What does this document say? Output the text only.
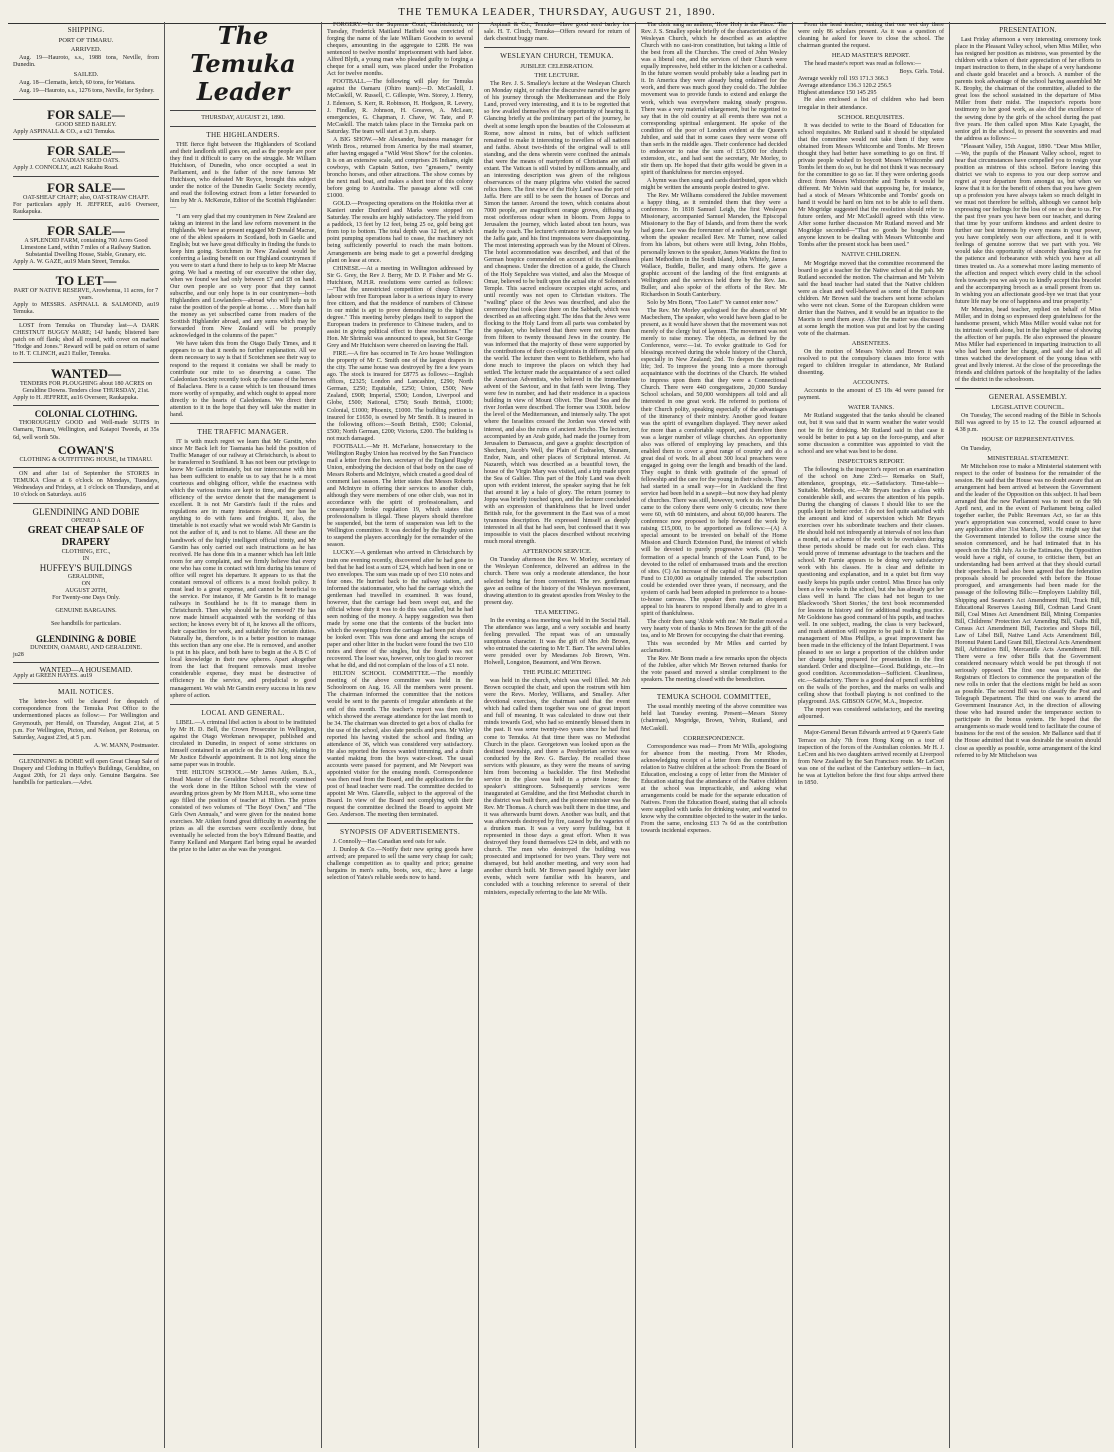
THE TEMUKA LEADER, THURSDAY, AUGUST 21, 1890.
SHIPPING.
PORT OF TIMARU.
ARRIVED.

Aug. 19—Hauroto, s.s., 1988 tons, Neville, from Dunedin.

SAILED.

Aug. 18—Clematis, ketch, 60 tons, for Waitara.

Aug. 19—Hauroto, s.s., 1276 tons, Neville, for Sydney.

FOR SALE—
GOOD SEED BARLEY.
Apply ASPINALL & CO., a u21 Temuka.
FOR SALE—
CANADIAN SEED OATS.
Apply J. CONNOLLY, au21 Kakahu Road.
FOR SALE—
OAT-SHEAF CHAFF; also, OAT-STRAW CHAFF.
For particulars apply H. JEFFREE, au16 Overseer, Raukapuka.
FOR SALE—
A SPLENDID FARM, containing 700 Acres Good Limestone Land, within 7 miles of a Railway Station. Substantial Dwelling House, Stable, Granary, etc.
Apply A. W. GAZE, au19 Main Street, Temuka.
TO LET—
PART OF NATIVE RESERVE, Arowhenua, 11 acres, for 7 years.
Apply to MESSRS. ASPINALL & SALMOND, au19 Temuka.

LOST from Temuka on Thursday last—A DARK CHESTNUT BUGGY MARE; 14J hands; blistered bare patch on off flank; shod all round, with cover on marked "Hodge and Jones." Reward will be paid on return of same to H. T. CLINCH, au21 Euller, Temuka.

WANTED—
TENDERS FOR PLOUGHING about 180 ACRES on Geraldine Downs. Tenders close THURSDAY, 21st.
Apply to H. JEFFREE, au16 Overseer, Raukapuka.
COLONIAL CLOTHING.

THOROUGHLY GOOD and Well-made SUITS in Oamaru, Timaru, Wellington, and Kaiapoi Tweeds, at 35s 6d, well worth 50s.

COWAN'S
CLOTHING & OUTFITTING HOUSE, Ist TIMARU.

ON and after 1st of September the STORES in TEMUKA Close at 6 o'clock on Mondays, Tuesdays, Wednesdays and Fridays, at 1 o'clock on Thursdays, and at 10 o'clock on Saturdays. au16

GLENDINING AND DOBIE
OPENED A
GREAT CHEAP SALE OF DRAPERY
CLOTHING, ETC.,
IN
HUFFEY'S BUILDINGS
GERALDINE,
ON
AUGUST 20TH,
For Twenty-one Days Only.
GENUINE BARGAINS.
See handbills for particulars.
GLENDINING & DOBIE
DUNEDIN, OAMARU, AND GERALDINE.
ju28
WANTED—A HOUSEMAID.
Apply at GREEN HAYES. au19
MAIL NOTICES.

The letter-box will be cleared for despatch of correspondence from the Temuka Post Office to the undermentioned places as follow:— For Wellington and Greymouth, per Herald, on Thursday, August 21st, at 5 p.m. For Wellington, Picton, and Nelson, per Rotorua, on Saturday, August 23rd, at 5 p.m.

A. W. MANN, Postmaster.

GLENDINING & DOBIE will open Great Cheap Sale of Drapery and Clothing in Huffey's Buildings, Geraldine, on August 20th, for 21 days only. Genuine Bargains. See handbills for particulars.—Advt.

The Temuka Leader
THURSDAY, AUGUST 21, 1890.
THE HIGHLANDERS.

THE fierce fight between the Highlanders of Scotland and their landlords still goes on, and as the people are poor they find it difficult to carry on the struggle. Mr William Hutchison, of Dunedin, who once occupied a seat in Parliament, and is the father of the now famous Mr Hutchison, who defeated Mr Reyce, brought this subject under the notice of the Dunedin Gaelic Society recently, and read the following extract from a letter forwarded to him by Mr A. McKenzie, Editor of the Scottish Highlander:—

"I am very glad that my countrymen in New Zealand are taking an interest in the land law reform movement in the Highlands. We have at present engaged Mr Donald Macrae, one of the ablest speakers in Scotland, both in Gaelic and English; but we have great difficulty in finding the funds to keep him going. Scotchmen in New Zealand would be conferring a lasting benefit on our Highland countrymen if you were to start a fund there to help us to keep Mr Macrae going. We had a meeting of our executive the other day, when we found we had only between £7 and £8 on hand. Our own people are so very poor that they cannot subscribe, and our only hope is in our countrymen—both Highlanders and Lowlanders—abroad who will help us to raise the position of the people at home. . . . More than half the money as yet subscribed came from readers of the Scottish Highlander abroad, and any sums which may be forwarded from New Zealand will be promptly acknowledged in the columns of the paper."

We have taken this from the Otago Daily Times, and it appears to us that it needs no further explanation. All we deem necessary to say is that if Scotchmen see their way to respond to the request it contains we shall be ready to contribute our mite to so deserving a cause. The Caledonian Society recently took up the cause of the heroes of Balaclava. Here is a cause which is ten thousand times more worthy of sympathy, and which ought to appeal more directly to the hearts of Caledonians. We direct their attention to it in the hope that they will take the matter in hand.

THE TRAFFIC MANAGER.

IT is with much regret we learn that Mr Garstin, who since Mr Back left for Tasmania has held the position of Traffic Manager of our railway at Christchurch, is about to be transferred to Southland. It has not been our privilege to know Mr Garstin intimately, but our intercourse with him has been sufficient to enable us to say that he is a most courteous and obliging officer, while the exactness with which the various trains are kept to time, and the general efficiency of the service denote that the management is excellent. It is not Mr Garstin's fault if the rules and regulations are in many instances absurd, nor has he anything to do with fares and freights. If, also, the timetable is not exactly what we would wish Mr Garstin is not the author of it, and is not to blame. All these are the handiwork of the highly intelligent official trinity, and Mr Garstin has only carried out such instructions as he has received. He has done this in a manner which has left little room for any complaint, and we firmly believe that every one who has come in contact with him during his tenure of office will regret his departure. It appears to us that the constant removal of officers is a most foolish policy. It must lead to a great expense, and cannot be beneficial to the service. For instance, if Mr Garstin is fit to manage railways in Southland he is fit to manage them in Christchurch. Then why should he be removed? He has now made himself acquainted with the working of this section; he knows every bit of it, he knows all the officers, their capacities for work, and suitability for certain duties. Naturally he, therefore, is in a better position to manage this section than any one else. He is removed, and another is put in his place, and both have to begin at the A B C of local knowledge in their new spheres. Apart altogether from the fact that frequent removals must involve considerable expense, they must be destructive of efficiency in the service, and prejudicial to good management. We wish Mr Garstin every success in his new sphere of action.

LOCAL AND GENERAL.

LIBEL.—A criminal libel action is about to be instituted by Mr H. D. Bell, the Crown Prosecutor in Wellington, against the Otago Workman newspaper, published and circulated in Dunedin, in respect of some strictures on himself contained in an article on the 26th July, relating to Mr Justice Edwards' appointment. It is not long since the same paper was in trouble.

THE HILTON SCHOOL.—Mr James Aitken, B.A., Head Master of the Geraldine School recently examined the work done in the Hilton School with the view of awarding prizes given by Mr Horn M.H.R., who some time ago filled the position of teacher at Hilton. The prizes consisted of two volumes of "The Boys' Own," and "The Girls Own Annuals," and were given for the neatest home exercises. Mr Aitken found great difficulty in awarding the prizes as all the exercises were excellently done, but eventually he selected from the boy's Edmund Beattie, and Fanny Kelland and Margaret Earl being equal he awarded the prize to the latter as she was the youngest.

FORGERY.—In the Supreme Court, Christchurch, on Tuesday, Frederick Maitland Hatfield was convicted of forging the name of the late William Goodwin to several cheques, amounting in the aggregate to £288. He was sentenced to twelve months' imprisonment with hard labor. Alfred Blyth, a young man who pleaded guilty to forging a cheque for a small sum, was placed under the Probation Act for twelve months.

FOOTBALL.—The following will play for Temuka against the Oamaru (Ohiro team):—D. McCaskill, J. McCaskill, W. Russell, C. Gillespie, Wm. Storey, J. Henry, J. Edenson, S. Kerr, R. Robinson, H. Hodgson, R. Levery, J. Findlay, R. Johnson, H. Greaves, A. McLean; emergencies, G. Chapman, J. Chave, W. Tate, and P. McCaskill. The match takes place in the Temuka park on Saturday. The team will start at 3 p.m. sharp.

A BIG SHOW.—Mr Alexander, business manager for Wirth Bros., returned from America by the mail steamer, after having engaged a "Wild West Show" for the colonies. It is on an extensive scale, and comprises 26 Indians, eight cowboys, with Captain Sutton, two "greasers," twenty broncho horses, and other attractions. The show comes by the next mail boat, and makes a short tour of this colony before going to Australia. The passage alone will cost £1000.

GOLD.—Prospecting operations on the Hokitika river at Kanieri under Dunford and Marks were stopped on Saturday. The results are highly satisfactory. The yield from a paddock, 13 feet by 12 feet, being 25 oz, gold being got from top to bottom. The total depth was 12 feet, at which point pumping operations had to cease, the machinery not being sufficiently powerful to reach the main bottom. Arrangements are being made to get a powerful dredging plant on lease at once.

CHINESE.—At a meeting in Wellington addressed by Sir G. Grey, the Rev J. Berry, Mr D. P. Fisher and Mr G. Hutchison, M.H.R. resolutions were carried as follows:—"That the unrestricted competition of cheap Chinese labour with free European labor is a serious injury to every free citizen, and that the residence of numbers of Chinese in our midst is apt to prove demoralising to the highest degree." This meeting hereby pledges itself to support the European traders in preference to Chinese traders, and to assist in giving political effect to these resolutions." The Hon. Mr Shrimski was announced to speak, but Sir George Grey and Mr Hutchison were cheered on leaving the Hall.

FIRE.—A fire has occurred in Te Aro house Wellington the property of Mr C. Smith one of the largest drapers in the city. The same house was destroyed by fire a few years ago. The stock is insured for £8775 as follows:—English offices, £2325; London and Lancashire, £290; North German, £250; Equitable, £250; Union, £500; New Zealand, £908; Imperial, £500; London, Liverpool and Globe, £500; National, £750; South British, £1000; Colonial, £1000; Phoenix, £1000. The building portion is insured for £1650, is owned by Mr Smith. It is insured in the following offices:—South British, £500; Colonial, £500; North German, £200; Victoria, £200. The building is not much damaged.

FOOTBALL.—Mr H. McFarlane, honsecretary to the Wellington Rugby Union has received by the San Francisco mail a letter from the hon. secretary of the England Rugby Union, embodying the decision of that body on the case of Messrs Roberts and McIntyre, which created a good deal of comment last season. The letter states that Messrs Roberts and McIntyre in offering their services to another club, although they were members of one other club, was not in accordance with the spirit of professionalism, and consequently broke regulation 19, which states that professionalism is illegal. These players should therefore be suspended, but the term of suspension was left to the Wellington committee. It was decided by the Rugby union to suspend the players accordingly for the remainder of the season.

LUCKY.—A gentleman who arrived in Christchurch by train one evening recently, discovered after he had gone to bed that he had lost a sum of £24, which had been in one or two envelopes. The sum was made up of two £10 notes and four ones. He hurried back to the railway station, and informed the stationmaster, who had the carriage which the gentleman had travelled in examined. It was found, however, that the carriage had been swept out, and the official whose duty it was to do this was called, but he had seen nothing of the money. A happy suggestion was then made by some one that the contents of the bucket into which the sweepings from the carriage had been put should be looked over. This was done and among the scraps of paper and other litter in the bucket were found the two £10 notes and three of the singles, but the fourth was not recovered. The loser was, however, only too glad to recover what he did, and did not complain of the loss of a £1 note.

HILTON SCHOOL COMMITTEE.—The monthly meeting of the above committee was held in the Schoolroom on Aug. 16. All the members were present. The chairman informed the committee that the notices would be sent to the parents of irregular attendants at the end of this month. The teacher's report was then read, which showed the average attendance for the last month to be 34. The chairman was directed to get a box of chalks for the use of the school, also slate pencils and pens. Mr Wiley reported his having visited the school and finding an attendance of 36, which was considered very satisfactory. He also reported the fences wanted trimming, and a drain wanted making from the boys water-closet. The usual accounts were passed for payment, and Mr Newport was appointed visitor for the ensuing month. Correspondence was then read from the Board, and the applications for the post of head teacher were read. The committee decided to appoint Mr Wm. Glanville, subject to the approval of the Board. In view of the Board not complying with their request the committee declined the Board to appoint Mr Geo. Anderson. The meeting then terminated.

SYNOPSIS OF ADVERTISEMENTS.

J. Connolly—Has Canadian seed oats for sale.

J. Dunlop & Co.—Notify their new spring goods have arrived; are prepared to sell the same very cheap for cash; challenge competition as to quality and price; genuine bargains in men's suits, boots, sox, etc.; have a large selection of Yates's reliable seeds now to hand.

Aspinall & Co., Temuka—Have good seed barley for sale. H. T. Clinch, Temuka—Offers reward for return of dark chestnut buggy mare.

WESLEYAN CHURCH, TEMUKA.
JUBILEE CELEBRATION.
THE LECTURE.

The Rev. J. S. Smalley's lecture at the Wesleyan Church on Monday night, or rather the discursive narrative he gave of his journey through the Mediterranean and the Holy Land, proved very interesting, and it is to be regretted that so few availed themselves of the opportunity of hearing it. Glancing briefly at the preliminary part of the journey, he dwelt at some length upon the beauties of the Colosseum at Rome, now almost in ruins, but of which sufficient remained to make it interesting to travellers of all nations and faiths. About two-thirds of the original wall is still standing, and the dens wherein were confined the animals that were the means of martyrdom of Christians are still extant. The Vatican is still visited by millions annually, and an interesting description was given of the religious observances of the many pilgrims who visited the sacred relics there. The first view of the Holy Land was the port of Jaffa. Here are still to be seen the houses of Dorcas and Simon the tanner. Around the town, which contains about 7000 people, are magnificent orange groves, diffusing a most odoriferous odour when in bloom. From Joppa to Jerusalem the journey, which lasted about ten hours, was made by coach. The lecturer's entrance to Jerusalem was by the Jaffa gate, and his first impressions were disappointing. The most interesting approach was by the Mount of Olives. The hotel accommodation was described, and that of the German hospice commended on account of its cleanliness and cheapness. Under the direction of a guide, the Church of the Holy Sepulchre was visited, and also the Mosque of Omar, believed to be built upon the actual site of Solomon's Temple. This sacred enclosure occupies eight acres, and until recently was not open to Christian visitors. The "wailing" place of the Jews was described, and also the ceremony that took place there on the Sabbath, which was described as an affecting sight. The idea that the Jews were flocking to the Holy Land from all parts was combated by the speaker, who believed that there were not more than from fifteen to twenty thousand Jews in the country. He was informed that the majority of these were supported by the contributions of their co-religionists in different parts of the world. The lecturer then went to Bethlehem, who had done much to improve the places on which they had settled. The lecturer made the acquaintance of a sect called the American Adventists, who believed in the immediate advent of the Saviour, and in that faith were living. They were few in number, and had their residence in a spacious building in view of Mount Olivet. The Dead Sea and the river Jordan were described. The former was 1300ft. below the level of the Mediterranean, and intensely salty. The spot where the Israelites crossed the Jordan was viewed with interest, and also the ruins of ancient Jericho. The lecturer, accompanied by an Arab guide, had made the journey from Jerusalem to Damascus, and gave a graphic description of Shechem, Jacob's Well, the Plain of Esdraelon, Shunam, Endor, Nain, and other places of Scriptural interest. At Nazareth, which was described as a beautiful town, the house of the Virgin Mary was visited, and a trip made upon the Sea of Galilee. This part of the Holy Land was dwelt upon with evident interest, the speaker saying that he felt that around it lay a halo of glory. The return journey to Joppa was briefly touched upon, and the lecturer concluded with an expression of thankfulness that he lived under British rule, for the government in the East was of a most tyrannous description. He expressed himself as deeply interested in all that he had seen, but confessed that it was impossible to visit the places described without receiving much moral strength.

AFTERNOON SERVICE.

On Tuesday afternoon the Rev. W. Morley, secretary of the Wesleyan Conference, delivered an address in the church. There was only a moderate attendance, the hour selected being far from convenient. The rev. gentleman gave an outline of the history of the Wesleyan movement, drawing attention to its greatest apostles from Wesley to the present day.

TEA MEETING.

In the evening a tea meeting was held in the Social Hall. The attendance was large, and a very sociable and hearty feeling prevailed. The repast was of an unusually sumptuous character. It was the gift of Mrs Job Brown, who entrusted the catering to Mr T. Barr. The several tables were presided over by Mesdames Job Brown, Wm. Holwell, Longston, Beaumont, and Wm Brown.

THE PUBLIC MEETING

was held in the church, which was well filled. Mr Job Brown occupied the chair, and upon the rostrum with him were the Revs. Morley, Williams, and Smalley. After devotional exercises, the chairman said that the event which had called them together was one of great import and full of meaning. It was calculated to draw out their minds towards God, who had so eminently blessed them in the past. It was some twenty-two years since he had first come to Temuka. At that time there was no Methodist Church in the place. Georgetown was looked upon as the destined township, and there a Presbyterian service was conducted by the Rev. G. Barclay. He recalled those services with pleasure, as they were the means of saving him from becoming a backslider. The first Methodist service in the place was held in a private house; the speaker's sittingroom. Subsequently services were inaugurated at Geraldine, and the first Methodist church in the district was built there, and the pioneer minister was the Rev. Mr Thomas. A church was built there in due time, and it was afterwards burnt down. Another was built, and that was afterwards destroyed by fire, caused by the vagaries of a drunken man. It was a very sorry building, but it represented in those days a great effort. When it was destroyed they found themselves £24 in debt, and with no church. The men who destroyed the building was prosecuted and imprisoned for two years. They were not dismayed, but held another meeting, and very soon had another church built. Mr Brown passed lightly over later events, which were familiar with his hearers, and concluded with a touching reference to several of their ministers, especially referring to the late Mr Wills.

The choir sang an anthem, 'How Holy is the Place.' The Rev. J. S. Smalley spoke briefly of the characteristics of the Wesleyan Church, which he described as an adaptive Church with no cast-iron constitution, but taking a little of the best from all the Churches. The creed of John Wesley was a liberal one, and the services of their Church were equally impressive, held either in the kitchen or a cathedral. In the future women would probably take a leading part in it. In America they were already being ordained for the work, and there was much good they could do. The Jubilee movement was to provide funds to extend and enlarge the work, which was everywhere making steady progress. There was a very material enlargement, but he regretted to say that in the old country at all events there was not a corresponding spiritual enlargement. He spoke of the condition of the poor of London evident at the Queen's Jubilee, and said that in some cases they were worse off than serfs in the middle ages. Their conference had decided to endeavour to raise the sum of £15,000 for church extension, etc., and had sent the secretary, Mr Morley, to stir them up. He hoped that their gifts would be given in a spirit of thankfulness for mercies enjoyed.

A hymn was then sung and cards distributed, upon which might be written the amounts people desired to give.

The Rev. Mr Williams considered the Jubilee movement a happy thing, as it reminded them that they were a conference. In 1818 Samuel Leigh, the first Wesleyan Missionary, accompanied Samuel Marsden, the Episcopal Missionary to the Bay of Islands, and from there the work had gone. Lee was the forerunner of a noble band, amongst whom the speaker recalled Rev. Mr Turner, now called from his labors, but others were still living, John Hobbs, personally known to the speaker, James Watkins the first to plant Methodism in the South Island, John Whitely, James Wallace, Buddle, Buller, and many others. He gave a graphic account of the landing of the first emigrants at Wellington and the services held there by the Rev. Jas. Buller, and also spoke of the efforts of the Rev. Mr Richardson in South Canterbury.

Solo by Mrs Bonn, "Too Late!" Ye cannot enter now."

The Rev. Mr Morley apologised for the absence of Mr Macbechem, The speaker, who would have been glad to be present, as it would have shown that the movement was not merely of the clergy but of laymen. The movement was not merely to raise money. The objects, as defined by the Conference, were:—1st. To evoke gratitude to God for blessings received during the whole history of the Church, especially in New Zealand; 2nd. To deepen the spiritual life; 3rd. To improve the young into a more thorough acquaintance with the doctrines of the Church. He wished to impress upon them that they were a Connectional Church. There were 440 congregations, 20,000 Sunday School scholars, and 50,000 worshippers all told and all interested in one great work. He referred to portions of their Church polity, speaking especially of the advantages of the itinerancy of their ministry. Another good feature was the spirit of evangelism displayed. They never asked for more than a comfortable support, and therefore there was a larger number of village churches. An opportunity also was offered of employing lay preachers, and this enabled them to cover a great range of country and do a great deal of work. In all about 300 local preachers were engaged in going over the length and breadth of the land. They ought to think with gratitude of the spread of fellowship and the care for the young in their schools. They had started in a small way—for in Auckland the first service had been held in a sawpit—but now they had plenty of churches. There was still, however, work to do. When he came to the colony there were only 6 circuits; now there were 60, with 60 ministers, and about 60,000 hearers. The conference now proposed to help forward the work by raising £15,000, to be apportioned as follows:—(A) A special amount to be invested on behalf of the Home Mission and Church Extension Fund, the interest of which will be devoted to purely progressive work. (B.) The formation of a special branch of the Loan Fund, to be devoted to the relief of embarrassed trusts and the erection of sites. (C) An increase of the capital of the present Loan Fund to £10,000 as originally intended. The subscription could be extended over three years, if necessary, and the system of cards had been adopted in preference to a house-to-house canvass. The speaker then made an eloquent appeal to his hearers to respond liberally and to give in a spirit of thankfulness.

The choir then sang 'Abide with me.' Mr Butler moved a very hearty vote of thanks to Mrs Brown for the gift of the tea, and to Mr Brown for occupying the chair that evening.

This was seconded by Mr Miles and carried by acclamation.

The Rev. Mr Bonn made a few remarks upon the objects of the Jubilee, after which Mr Brown returned thanks for the vote passed and moved a similar compliment to the speakers. The meeting closed with the benediction.

TEMUKA SCHOOL COMMITTEE,

The usual monthly meeting of the above committee was held last Tuesday evening. Present—Messrs Storey (chairman), Mogridge, Brown, Yelvin, Rutland, and McCaskill.

CORRESPONDENCE.

Correspondence was read— From Mr Wills, apologising for absence from the meeting. From Mr Rhodes, acknowledging receipt of a letter from the committee in relation to Native children at the school: From the Board of Education, enclosing a copy of letter from the Minister of Education stating that the attendance of the Native children at the school was impracticable, and asking what arrangements could be made for the separate education of Natives. From the Education Board, stating that all schools were supplied with tanks for drinking water, and wanted to know why the committee objected to the water in the tanks. From the same, enclosing £13 7s 6d as the contribution towards incidental expenses.

From the head teacher, stating that one wet day there were only 86 scholars present. As it was a question of cleaning he asked for leave to close the school. The chairman granted the request.

HEAD MASTER'S REPORT.

The head master's report was read as follows:—

Boys. Girls. Total.
Average weekly roll 193 171.3 366.3
Average attendance 136.3 120.2 256.5
Highest attendance 150 145 295

He also enclosed a list of children who had been irregular in their attendance.

SCHOOL REQUISITES.

It was decided to write to the Board of Education for school requisites. Mr Rutland said it should be stipulated that the committee would not take them if they were obtained from Messrs Whitcombe and Tombs. Mr Brown thought they had better have something to go on first. If private people wished to boycott Messrs Whitcombe and Tombs let them do so, but he did not think it was necessary for the committee to go so far. If they were ordering goods direct from Messrs Whitcombe and Tombs it would be different. Mr Yelvin said that supposing he, for instance, had a stock of Messrs Whitcombe and Tombs' goods on hand it would be hard on him not to be able to sell them. Mr Mogridge suggested that the resolution should refer to future orders, and Mr McCaskill agreed with this view. After some further discussion Mr Rutland moved and Mr Mogridge seconded—"That no goods be bought from anyone known to be dealing with Messrs Whitcombe and Tombs after the present stock has been used."

NATIVE CHILDREN.

Mr Mogridge moved that the committee recommend the board to get a teacher for the Native school at the pah. Mr Rutland seconded the motion. The chairman and Mr Yelvin said the head teacher had stated that the Native children were as clean and well-behaved as some of the European children. Mr Brown said the teachers sent home scholars who were not clean. Some of the European children were dirtier than the Natives, and it would be an injustice to the Maoris to send them away. After the matter was discussed at some length the motion was put and lost by the casting vote of the chairman.

ABSENTEES.

On the motion of Messrs Yelvin and Brown it was resolved to put the compulsory clauses into force with regard to children irregular in attendance, Mr Rutland dissenting.

ACCOUNTS.

Accounts to the amount of £5 18s 4d were passed for payment.

WATER TANKS.

Mr Rutland suggested that the tanks should be cleaned out, but it was said that in warm weather the water would not be fit for drinking. Mr Rutland said in that case it would be better to put a tap on the force-pump, and after some discussion a committee was appointed to visit the school and see what was best to be done.

INSPECTOR'S REPORT.

The following is the inspector's report on an examination of the school on June 23rd:— Remarks on Staff, attendance, groupings, etc.—Satisfactory. Time-table—Suitable. Methods, etc.—Mr Bryars teaches a class with considerable skill, and secures the attention of his pupils. During the changing of classes I should like to see the pupils kept in better order. I do not feel quite satisfied with the amount and kind of supervision which Mr Bryars exercises over his subordinate teachers and their classes. He should hold not infrequently at intervals of not less than a month, eat a scheme of the work to be overtaken during these periods should be made out for each class. This would prove of immense advantage to the teachers and the school. Mr Farnie appears to be doing very satisfactory work with his classes. He is clear and definite in questioning and explanation, and in a quiet but firm way easily keeps his pupils under control. Miss Bruce has only been a few weeks in the school, but she has already got her class well in hand. The class had not begun to use Blackwood's 'Short Stories,' the text book recommended for lessons in history and for additional reading practice. Mr Goldstone has good command of his pupils, and teaches well. In one subject, reading, the class is very backward, and much attention will require to be paid to it. Under the management of Miss Phillips, a great improvement has been made in the efficiency of the Infant Department. I was pleased to see so large a proportion of the children under her charge being prepared for presentation in the first standard. Order and discipline—Good. Buildings, etc.—In good condition. Accommodation—Sufficient. Cleanliness, etc.—Satisfactory. There is a good deal of pencil scribbling on the walls of the porches, and the marks on walls and ceiling show that football playing is not confined to the playground. JAS. GIBSON GOW, M.A., Inspector.

The report was considered satisfactory, and the meeting adjourned.

Major-General Bevan Edwards arrived at 9 Queen's Gate Terrace on July 7th from Hong Kong on a tour of inspection of the forces of the Australian colonies. Mr H. J. LeCren and his two daughters arrived recently at Liverpool from New Zealand by the San Francisco route. Mr LeCren was one of the earliest of the Canterbury settlers—in fact, he was at Lyttelton before the first four ships arrived there in 1850.

PRESENTATION.

Last Friday afternoon a very interesting ceremony took place in the Pleasant Valley school, when Miss Miller, who has resigned her position as mistress, was presented by the children with a token of their appreciation of her efforts to impart instruction to them, in the shape of a very handsome and chaste gold bracelet and a brooch. A number of the parents took advantage of the school having assembled Mr K. Brophy, the chairman of the committee, alluded to the great loss the school sustained in the departure of Miss Miller from their midst. The inspector's reports bore testimony to her good work, as also did the excellence of the sewing done by the girls of the school during the past five years. He then called upon Miss Kate Lysaght, the senior girl in the school, to present the souvenirs and read the address as follows:—

"Pleasant Valley, 15th August, 1890. "Dear Miss Miller,—We, the pupils of the Pleasant Valley school, regret to hear that circumstances have compelled you to resign your position as mistress of this school. Before leaving this district we wish to express to you our deep sorrow and regret at your departure from amongst us, but when we know that it is for the benefit of others that you have given up a profession you have always taken so much delight in we must not therefore be selfish, although we cannot help expressing our feelings for the loss of one so dear to us. For the past five years you have been our teacher, and during that time by your uniform kindness and ardent desire to further our best interests by every means in your power, you have completely won our affections, and it is with feelings of genuine sorrow that we part with you. We would take this opportunity of sincerely thanking you for the patience and forbearance with which you have at all times treated us. As a somewhat more lasting memento of the affection and respect which every child in the school feels towards you we ask you to kindly accept this bracelet and the accompanying brooch as a small present from us. In wishing you an affectionate good-bye we trust that your future life may be one of happiness and true prosperity."

Mr Menzies, head teacher, replied on behalf of Miss Miller, and in doing so expressed deep gratefulness for the handsome present, which Miss Miller would value not for its intrinsic worth alone, but in the higher sense of showing the affection of her pupils. He also expressed the pleasure Miss Miller had experienced in imparting instruction to all who had been under her charge, and said she had at all times watched the development of the young ideas with great and lively interest. At the close of the proceedings the friends and children partook of the hospitality of the ladies of the district in the schoolroom.

GENERAL ASSEMBLY.
LEGISLATIVE COUNCIL.

On Tuesday, The second reading of the Bible in Schools Bill was agreed to by 15 to 12. The council adjourned at 4.38 p.m.

HOUSE OF REPRESENTATIVES.

On Tuesday,

MINISTERIAL STATEMENT.

Mr Mitchelson rose to make a Ministerial statement with respect to the order of business for the remainder of the session. He said that the House was no doubt aware that an arrangement had been arrived at between the Government and the leader of the Opposition on this subject. It had been arranged that the new Parliament was to meet on the 9th April next, and in the event of Parliament being called together earlier, the Public Revenues Act, so far as this year's appropriation was concerned, would cease to have any application after 31st March, 1891. He might say that the Government intended to follow the course since the session commenced, and he had intimated that in his speech on the 15th July. As to the Estimates, the Opposition would have a right, of course, to criticise them, but an understanding had been arrived at that they should curtail their speeches. It had also been agreed that the federation proposals should be proceeded with before the House prorogued, and arrangements had been made for the passage of the following Bills:—Employers Liability Bill, Shipping and Seamen's Act Amendment Bill, Truck Bill, Educational Reserves Leasing Bill, Codman Land Grant Bill, Coal Mines Act Amendment Bill, Mining Companies Bill, Childrens' Protection Act Amending Bill, Oaths Bill, Census Act Amendment Bill, Factories and Shops Bill, Law of Libel Bill, Native Land Acts Amendment Bill, Horonui Patent Land Grant Bill, Electoral Acts Amendment Bill, Arbitration Bill, Mercantile Acts Amendment Bill. There were a few other Bills that the Government considered necessary which would be put through if not seriously opposed. The first one was to enable the Registrars of Electors to commence the preparation of the new rolls in order that the elections might be held as soon as possible. The second Bill was to classify the Post and Telegraph Department. The third one was to amend the Government Insurance Act, in the direction of allowing those who had insured under the temperance section to participate in the bonus system. He hoped that the arrangements so made would tend to facilitate the course of business for the rest of the session. Mr Ballance said that if the House admitted that it was desirable the session should close as speedily as possible, some arrangement of the kind referred to by Mr Mitchelson was
